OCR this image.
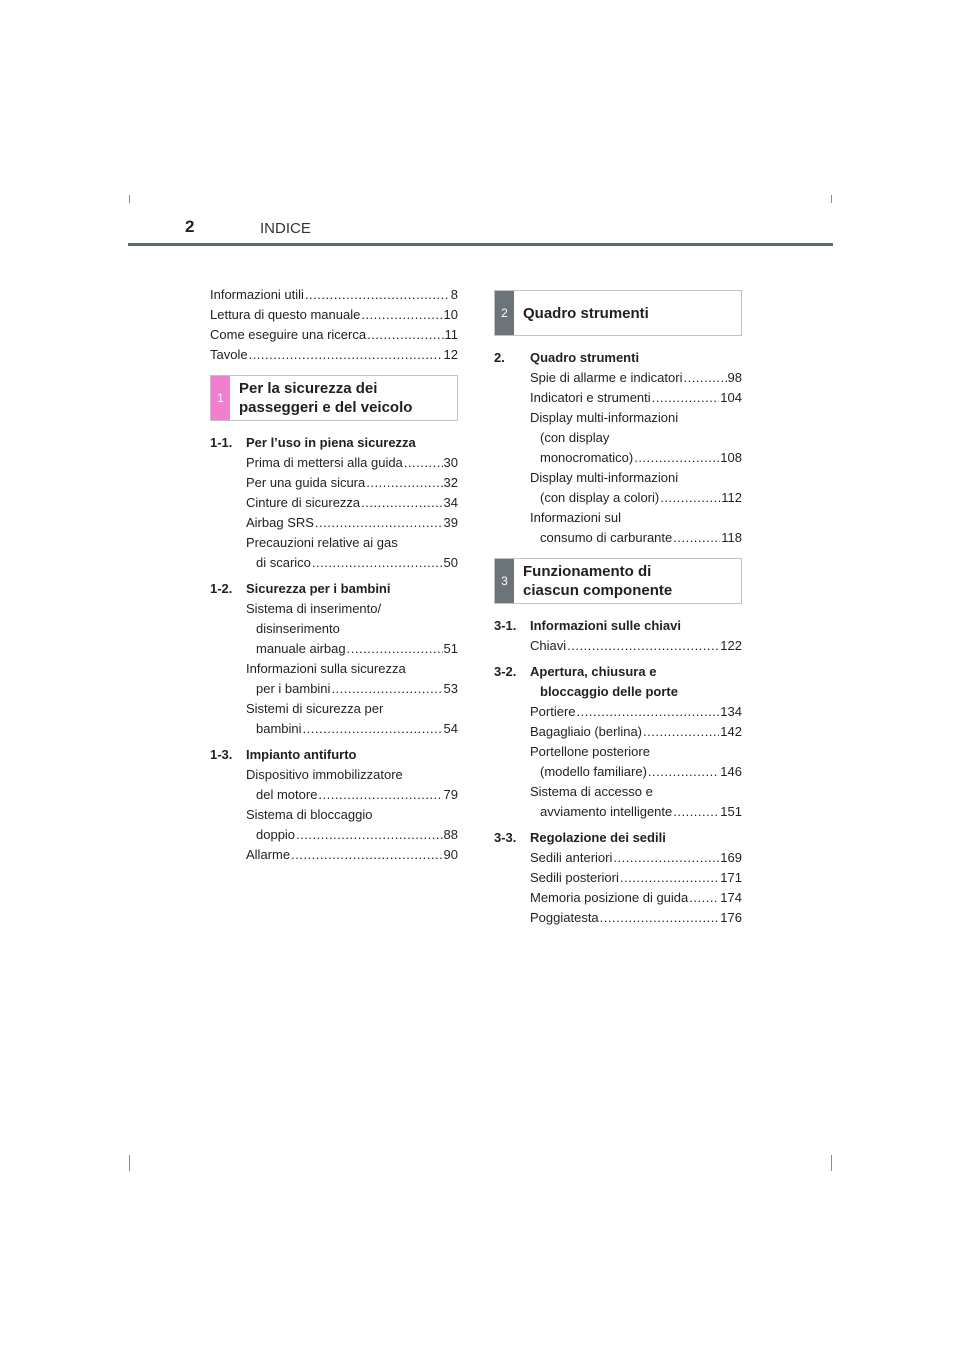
2	INDICE
Informazioni utili .....	8
Lettura di questo manuale .....	10
Come eseguire una ricerca .....	11
Tavole .....	12
1
Per la sicurezza dei
passeggeri e del veicolo
1-1.	Per l’uso in piena sicurezza
Prima di mettersi alla guida .....	30
Per una guida sicura .....	32
Cinture di sicurezza .....	34
Airbag SRS .....	39
Precauzioni relative ai gas
di scarico .....	50
1-2.	Sicurezza per i bambini
Sistema di inserimento/
disinserimento
manuale airbag .....	51
Informazioni sulla sicurezza
per i bambini .....	53
Sistemi di sicurezza per
bambini .....	54
1-3.	Impianto antifurto
Dispositivo immobilizzatore
del motore .....	79
Sistema di bloccaggio
doppio .....	88
Allarme .....	90
2	Quadro strumenti
2.	Quadro strumenti
Spie di allarme e indicatori .....	98
Indicatori e strumenti .....	104
Display multi-informazioni
(con display
monocromatico) .....	108
Display multi-informazioni
(con display a colori) .....	112
Informazioni sul
consumo di carburante .....	118
3
Funzionamento di
ciascun componente
3-1.	Informazioni sulle chiavi
Chiavi .....	122
3-2.	Apertura, chiusura e
bloccaggio delle porte
Portiere .....	134
Bagagliaio (berlina) .....	142
Portellone posteriore
(modello familiare) .....	146
Sistema di accesso e
avviamento intelligente .....	151
3-3.	Regolazione dei sedili
Sedili anteriori .....	169
Sedili posteriori .....	171
Memoria posizione di guida ..... 174
Poggiatesta .....	176
